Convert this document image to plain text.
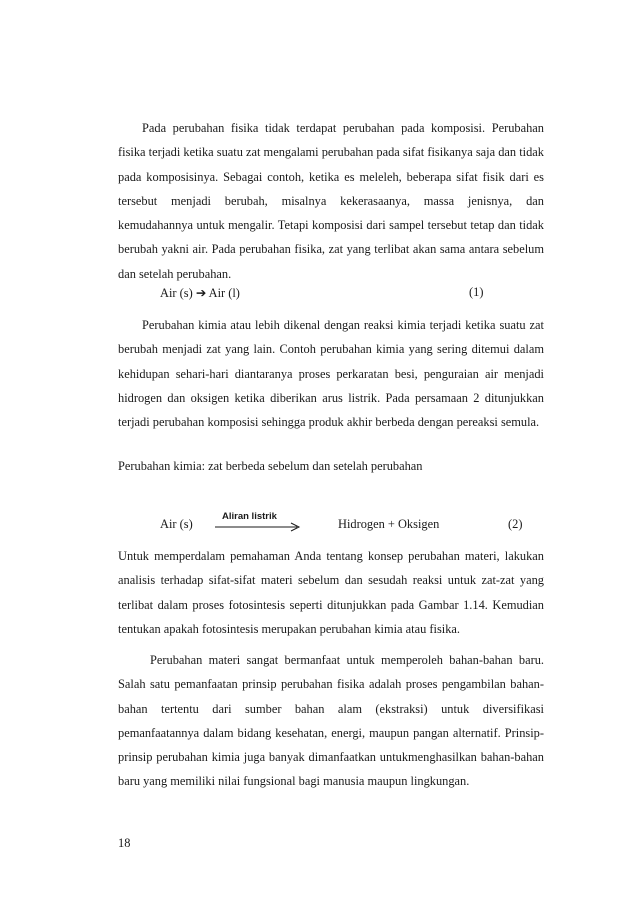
Pada perubahan fisika tidak terdapat perubahan pada komposisi. Perubahan fisika terjadi ketika suatu zat mengalami perubahan pada sifat fisikanya saja dan tidak pada komposisinya. Sebagai contoh, ketika es meleleh, beberapa sifat fisik dari es tersebut menjadi berubah, misalnya kekerasaanya, massa jenisnya, dan kemudahannya untuk mengalir. Tetapi komposisi dari sampel tersebut tetap dan tidak berubah yakni air. Pada perubahan fisika, zat yang terlibat akan sama antara sebelum dan setelah perubahan.

Air (s) ➔ Air (l)	(1)

Perubahan kimia atau lebih dikenal dengan reaksi kimia terjadi ketika suatu zat berubah menjadi zat yang lain. Contoh perubahan kimia yang sering ditemui dalam kehidupan sehari-hari diantaranya proses perkaratan besi, penguraian air menjadi hidrogen dan oksigen ketika diberikan arus listrik. Pada persamaan 2 ditunjukkan terjadi perubahan komposisi sehingga produk akhir berbeda dengan pereaksi semula.

Perubahan kimia: zat berbeda sebelum dan setelah perubahan

Air (s)
Aliran listrik
Hidrogen + Oksigen	(2)

Untuk memperdalam pemahaman Anda tentang konsep perubahan materi, lakukan analisis terhadap sifat-sifat materi sebelum dan sesudah reaksi untuk zat-zat yang terlibat dalam proses fotosintesis seperti ditunjukkan pada Gambar 1.14. Kemudian tentukan apakah fotosintesis merupakan perubahan kimia atau fisika.

Perubahan materi sangat bermanfaat untuk memperoleh bahan-bahan baru. Salah satu pemanfaatan prinsip perubahan fisika adalah proses pengambilan bahan-bahan tertentu dari sumber bahan alam (ekstraksi) untuk diversifikasi pemanfaatannya dalam bidang kesehatan, energi, maupun pangan alternatif. Prinsip-prinsip perubahan kimia juga banyak dimanfaatkan untukmenghasilkan bahan-bahan baru yang memiliki nilai fungsional bagi manusia maupun lingkungan.

18
